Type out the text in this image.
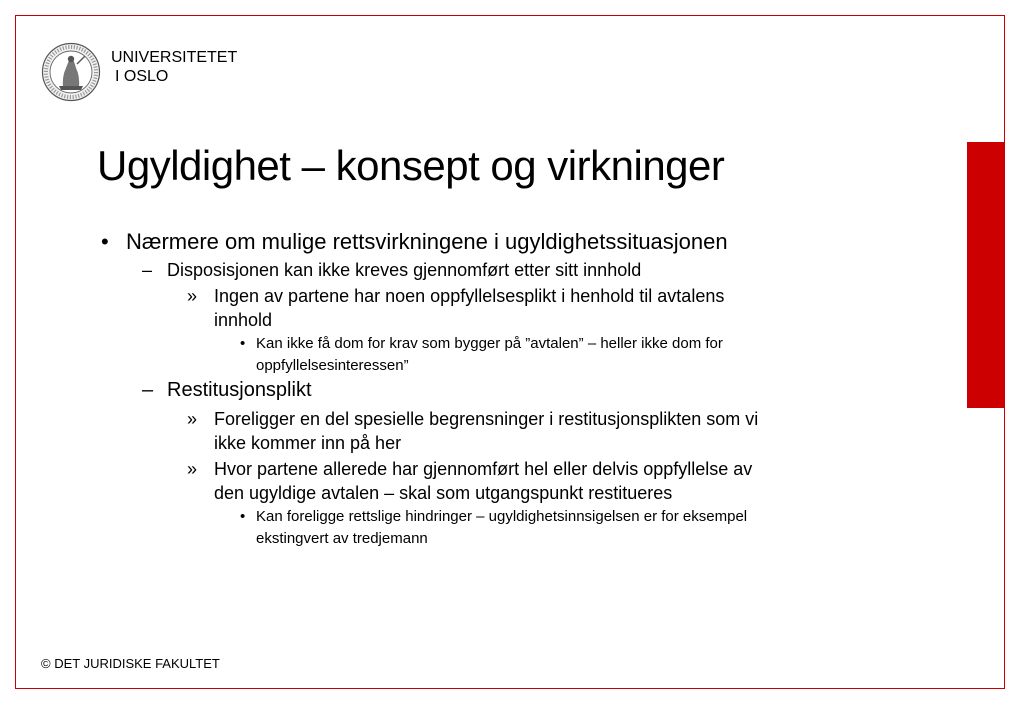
UNIVERSITETET
I OSLO
Ugyldighet – konsept og virkninger
• Nærmere om mulige rettsvirkningene i ugyldighetssituasjonen
– Disposisjonen kan ikke kreves gjennomført etter sitt innhold
» Ingen av partene har noen oppfyllelsesplikt i henhold til avtalens
innhold
• Kan ikke få dom for krav som bygger på ”avtalen” – heller ikke dom for
oppfyllelsesinteressen”
– Restitusjonsplikt
» Foreligger en del spesielle begrensninger i restitusjonsplikten som vi
ikke kommer inn på her
» Hvor partene allerede har gjennomført hel eller delvis oppfyllelse av
den ugyldige avtalen – skal som utgangspunkt restitueres
• Kan foreligge rettslige hindringer – ugyldighetsinnsigelsen er for eksempel
ekstingvert av tredjemann
© DET JURIDISKE FAKULTET
